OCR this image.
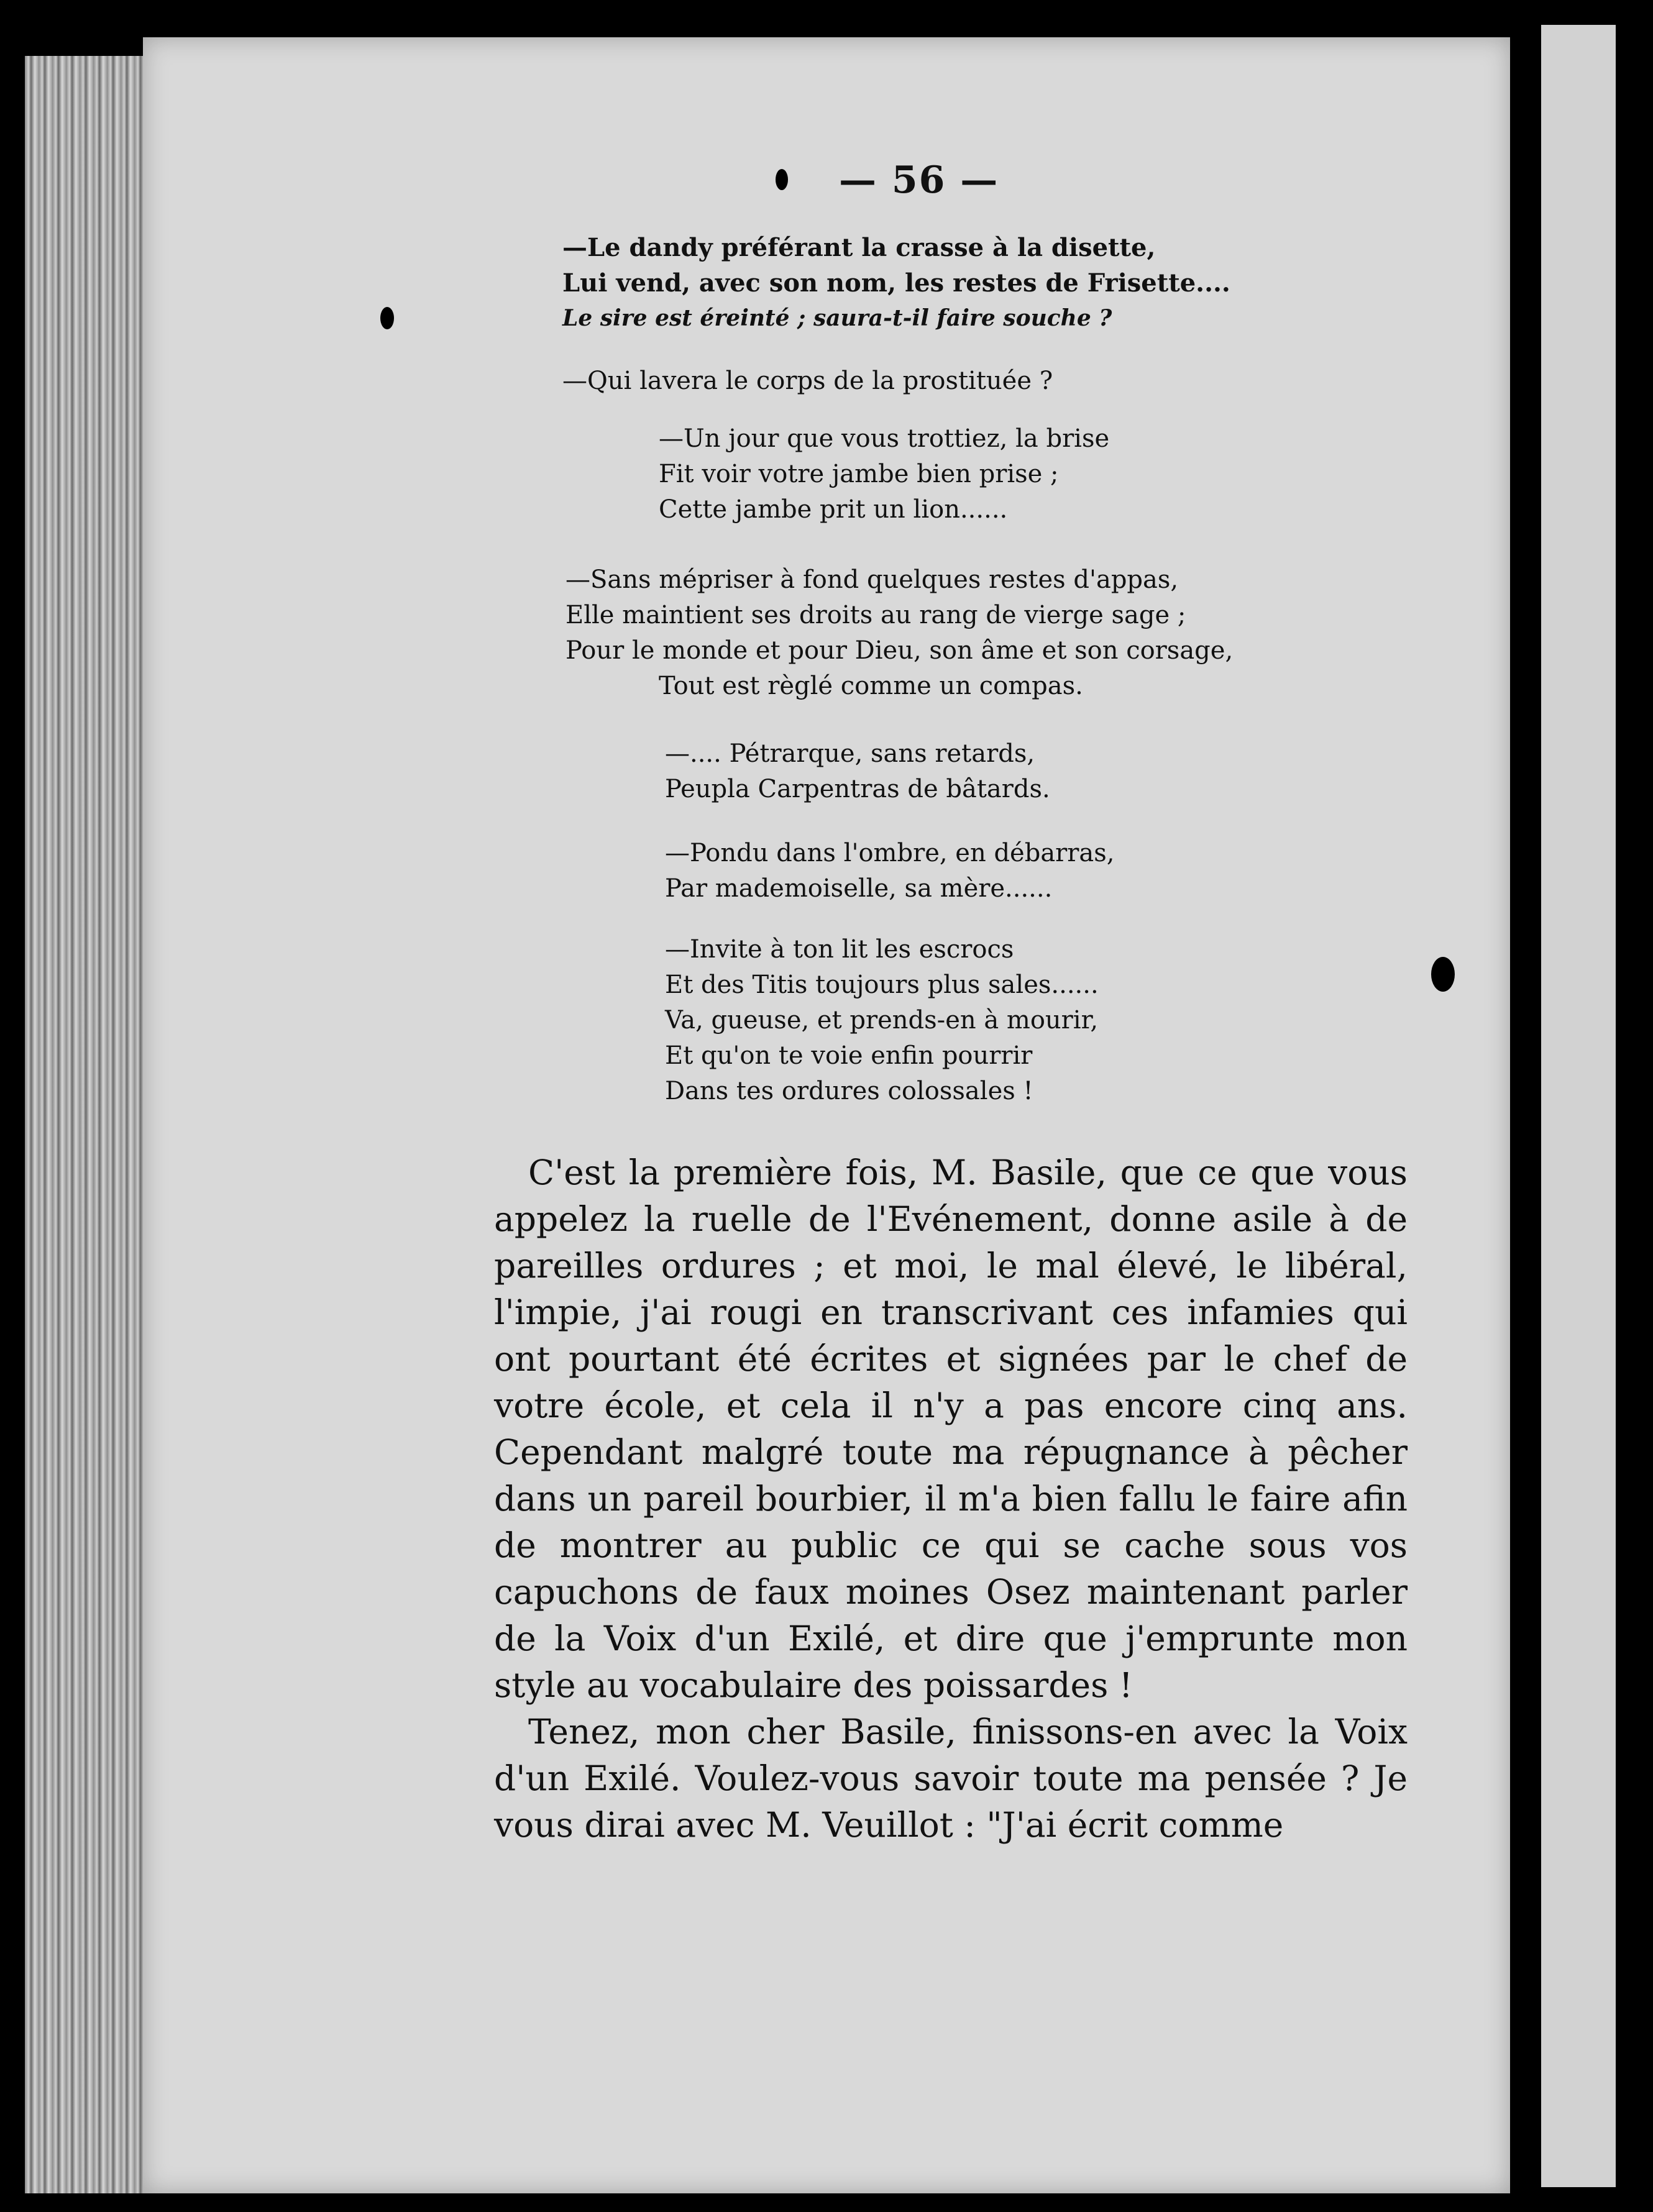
— 56 —
—Le dandy préférant la crasse à la disette,
Lui vend, avec son nom, les restes de Frisette....
Le sire est éreinté ; saura-t-il faire souche ?
—Qui lavera le corps de la prostituée ?
—Un jour que vous trottiez, la brise
Fit voir votre jambe bien prise ;
Cette jambe prit un lion......
—Sans mépriser à fond quelques restes d'appas,
Elle maintient ses droits au rang de vierge sage ;
Pour le monde et pour Dieu, son âme et son corsage,
Tout est règlé comme un compas.
—.... Pétrarque, sans retards,
Peupla Carpentras de bâtards.
—Pondu dans l'ombre, en débarras,
Par mademoiselle, sa mère......
—Invite à ton lit les escrocs
Et des Titis toujours plus sales......
Va, gueuse, et prends-en à mourir,
Et qu'on te voie enfin pourrir
Dans tes ordures colossales !

C'est la première fois, M. Basile, que ce que vous appelez la ruelle de l'Evénement, donne asile à de pareilles ordures ; et moi, le mal élevé, le libéral, l'impie, j'ai rougi en transcrivant ces infamies qui ont pourtant été écrites et signées par le chef de votre école, et cela il n'y a pas encore cinq ans. Cependant malgré toute ma répugnance à pêcher dans un pareil bourbier, il m'a bien fallu le faire afin de montrer au public ce qui se cache sous vos capuchons de faux moines Osez maintenant parler de la Voix d'un Exilé, et dire que j'emprunte mon style au vocabulaire des poissardes !

Tenez, mon cher Basile, finissons-en avec la Voix d'un Exilé. Voulez-vous savoir toute ma pensée ? Je vous dirai avec M. Veuillot : "J'ai écrit comme
